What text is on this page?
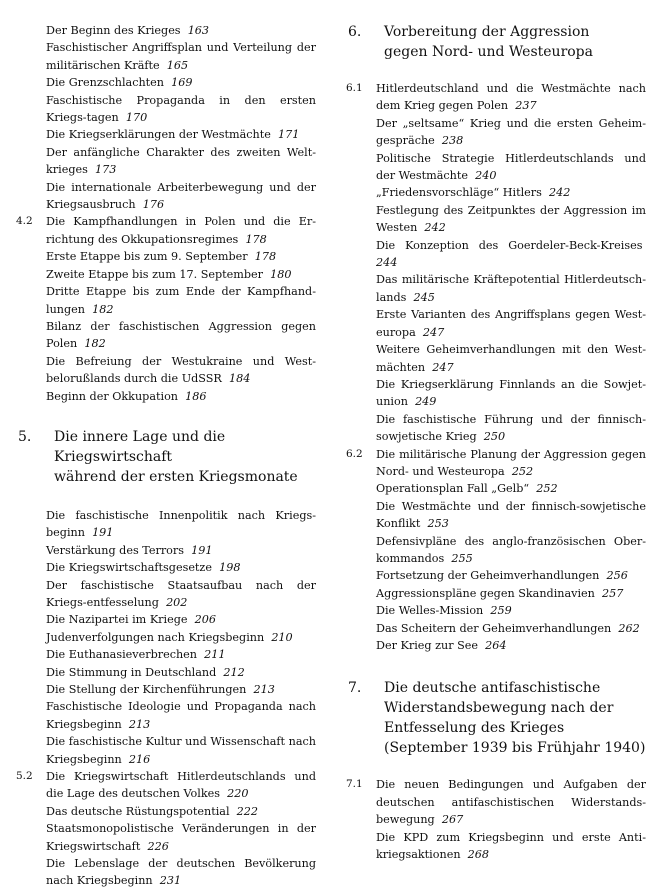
Der Beginn des Krieges 163
Faschistischer Angriffsplan und Verteilung der militärischen Kräfte 165
Die Grenzschlachten 169
Faschistische Propaganda in den ersten Kriegs-tagen 170
Die Kriegserklärungen der Westmächte 171
Der anfängliche Charakter des zweiten Welt-krieges 173
Die internationale Arbeiterbewegung und der Kriegsausbruch 176
4.2 Die Kampfhandlungen in Polen und die Er-richtung des Okkupationsregimes 178
Erste Etappe bis zum 9. September 178
Zweite Etappe bis zum 17. September 180
Dritte Etappe bis zum Ende der Kampfhand-lungen 182
Bilanz der faschistischen Aggression gegen Polen 182
Die Befreiung der Westukraine und West-belorußlands durch die UdSSR 184
Beginn der Okkupation 186
5. Die innere Lage und die Kriegswirtschaft
während der ersten Kriegsmonate
Die faschistische Innenpolitik nach Kriegs-beginn 191
Verstärkung des Terrors 191
Die Kriegswirtschaftsgesetze 198
Der faschistische Staatsaufbau nach der Kriegs-entfesselung 202
Die Nazipartei im Kriege 206
Judenverfolgungen nach Kriegsbeginn 210
Die Euthanasieverbrechen 211
Die Stimmung in Deutschland 212
Die Stellung der Kirchenführungen 213
Faschistische Ideologie und Propaganda nach Kriegsbeginn 213
Die faschistische Kultur und Wissenschaft nach Kriegsbeginn 216
5.2 Die Kriegswirtschaft Hitlerdeutschlands und die Lage des deutschen Volkes 220
Das deutsche Rüstungspotential 222
Staatsmonopolistische Veränderungen in der Kriegswirtschaft 226
Die Lebenslage der deutschen Bevölkerung nach Kriegsbeginn 231
6. Vorbereitung der Aggression
gegen Nord- und Westeuropa
6.1 Hitlerdeutschland und die Westmächte nach dem Krieg gegen Polen 237
Der „seltsame“ Krieg und die ersten Geheim-gespräche 238
Politische Strategie Hitlerdeutschlands und der Westmächte 240
„Friedensvorschläge“ Hitlers 242
Festlegung des Zeitpunktes der Aggression im Westen 242
Die Konzeption des Goerdeler-Beck-Kreises  244
Das militärische Kräftepotential Hitlerdeutsch-lands 245
Erste Varianten des Angriffsplans gegen West-europa 247
Weitere Geheimverhandlungen mit den West-mächten 247
Die Kriegserklärung Finnlands an die Sowjet-union 249
Die faschistische Führung und der finnisch-sowjetische Krieg 250
6.2 Die militärische Planung der Aggression gegen Nord- und Westeuropa 252
Operationsplan Fall „Gelb“ 252
Die Westmächte und der finnisch-sowjetische Konflikt 253
Defensivpläne des anglo-französischen Ober-kommandos 255
Fortsetzung der Geheimverhandlungen 256
Aggressionspläne gegen Skandinavien 257
Die Welles-Mission 259
Das Scheitern der Geheimverhandlungen 262
Der Krieg zur See 264
7. Die deutsche antifaschistische
Widerstandsbewegung nach der
Entfesselung des Krieges
(September 1939 bis Frühjahr 1940)
7.1 Die neuen Bedingungen und Aufgaben der deutschen antifaschistischen Widerstands-bewegung 267
Die KPD zum Kriegsbeginn und erste Anti-kriegsaktionen 268
